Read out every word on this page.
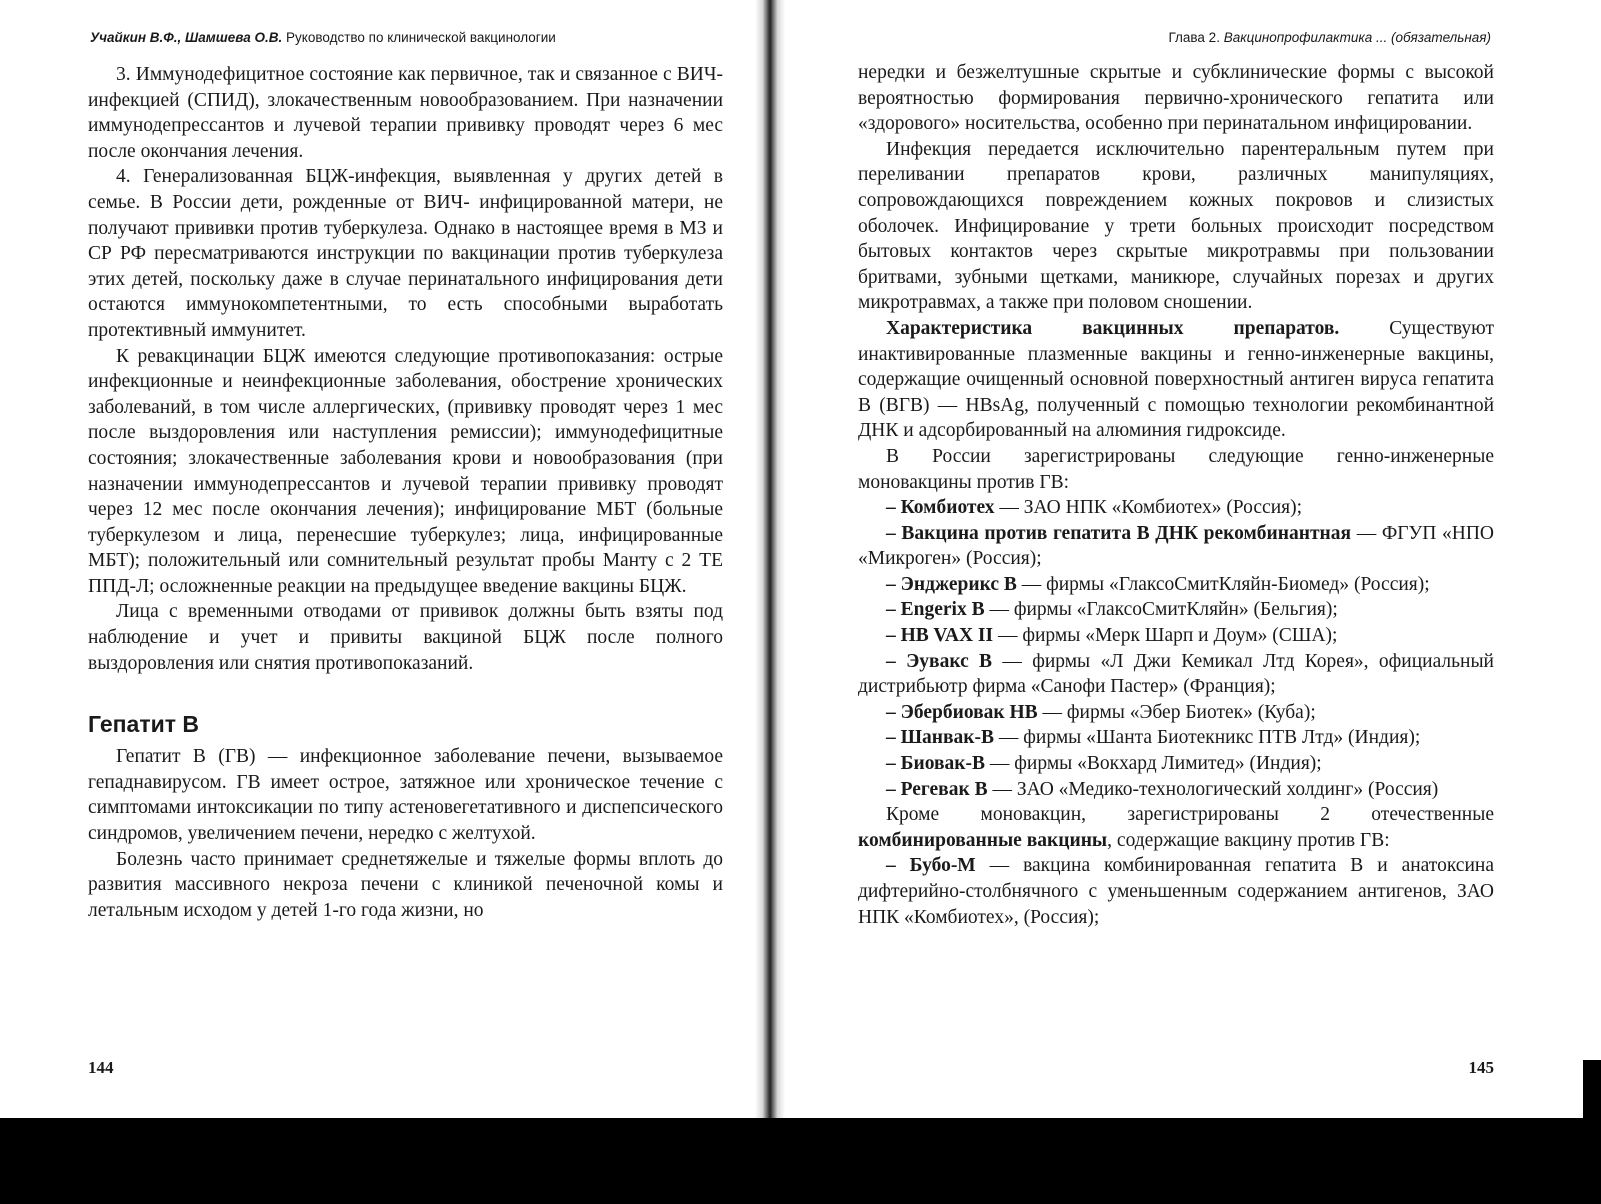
Учайкин В.Ф., Шамшева О.В. Руководство по клинической вакцинологии

3. Иммунодефицитное состояние как первичное, так и связанное с ВИЧ-инфекцией (СПИД), злокачественным новообразованием. При назначении иммунодепрессантов и лучевой терапии прививку проводят через 6 мес после окончания лечения.

4. Генерализованная БЦЖ-инфекция, выявленная у других детей в семье. В России дети, рожденные от ВИЧ- инфицированной матери, не получают прививки против туберкулеза. Однако в настоящее время в МЗ и СР РФ пересматриваются инструкции по вакцинации против туберкулеза этих детей, поскольку даже в случае перинатального инфицирования дети остаются иммунокомпетентными, то есть способными выработать протективный иммунитет.

К ревакцинации БЦЖ имеются следующие противопоказания: острые инфекционные и неинфекционные заболевания, обострение хронических заболеваний, в том числе аллергических, (прививку проводят через 1 мес после выздоровления или наступления ремиссии); иммунодефицитные состояния; злокачественные заболевания крови и новообразования (при назначении иммунодепрессантов и лучевой терапии прививку проводят через 12 мес после окончания лечения); инфицирование МБТ (больные туберкулезом и лица, перенесшие туберкулез; лица, инфицированные МБТ); положительный или сомнительный результат пробы Манту с 2 ТЕ ППД-Л; осложненные реакции на предыдущее введение вакцины БЦЖ.

Лица с временными отводами от прививок должны быть взяты под наблюдение и учет и привиты вакциной БЦЖ после полного выздоровления или снятия противопоказаний.

Гепатит В

Гепатит В (ГВ) — инфекционное заболевание печени, вызываемое гепаднавирусом. ГВ имеет острое, затяжное или хроническое течение с симптомами интоксикации по типу астеновегетативного и диспепсического синдромов, увеличением печени, нередко с желтухой.

Болезнь часто принимает среднетяжелые и тяжелые формы вплоть до развития массивного некроза печени с клиникой печеночной комы и летальным исходом у детей 1-го года жизни, но

144
Глава 2. Вакцинопрофилактика ... (обязательная)

нередки и безжелтушные скрытые и субклинические формы с высокой вероятностью формирования первично-хронического гепатита или «здорового» носительства, особенно при перинатальном инфицировании.

Инфекция передается исключительно парентеральным путем при переливании препаратов крови, различных манипуляциях, сопровождающихся повреждением кожных покровов и слизистых оболочек. Инфицирование у трети больных происходит посредством бытовых контактов через скрытые микротравмы при пользовании бритвами, зубными щетками, маникюре, случайных порезах и других микротравмах, а также при половом сношении.

Характеристика вакцинных препаратов. Существуют инактивированные плазменные вакцины и генно-инженерные вакцины, содержащие очищенный основной поверхностный антиген вируса гепатита В (ВГВ) — HBsAg, полученный с помощью технологии рекомбинантной ДНК и адсорбированный на алюминия гидроксиде.

В России зарегистрированы следующие генно-инженерные моновакцины против ГВ:

– Комбиотех — ЗАО НПК «Комбиотех» (Россия);

– Вакцина против гепатита В ДНК рекомбинантная — ФГУП «НПО «Микроген» (Россия);

– Энджерикс В — фирмы «ГлаксоСмитКляйн-Биомед» (Россия);

– Engerix B — фирмы «ГлаксоСмитКляйн» (Бельгия);

– HB VAX II — фирмы «Мерк Шарп и Доум» (США);

– Эувакс В — фирмы «Л Джи Кемикал Лтд Корея», официальный дистрибьютр фирма «Санофи Пастер» (Франция);

– Эбербиовак НВ — фирмы «Эбер Биотек» (Куба);

– Шанвак-В — фирмы «Шанта Биотекникс ПТВ Лтд» (Индия);

– Биовак-В — фирмы «Вокхард Лимитед» (Индия);

– Регевак В — ЗАО «Медико-технологический холдинг» (Россия)

Кроме моновакцин, зарегистрированы 2 отечественные комбинированные вакцины, содержащие вакцину против ГВ:

– Бубо-М — вакцина комбинированная гепатита В и анатоксина дифтерийно-столбнячного с уменьшенным содержанием антигенов, ЗАО НПК «Комбиотех», (Россия);

145
